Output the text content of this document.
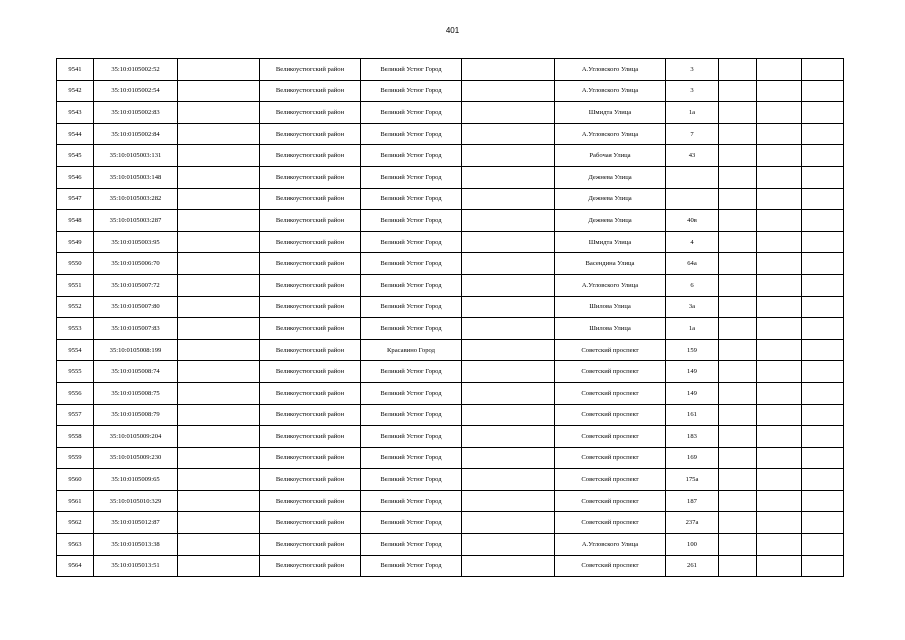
401
9541	35:10:0105002:52		Великоустюгский район	Великий Устюг Город		А.Угловского Улица	3			
9542	35:10:0105002:54		Великоустюгский район	Великий Устюг Город		А.Угловского Улица	3			
9543	35:10:0105002:83		Великоустюгский район	Великий Устюг Город		Шмидта Улица	1а			
9544	35:10:0105002:84		Великоустюгский район	Великий Устюг Город		А.Угловского Улица	7			
9545	35:10:0105003:131		Великоустюгский район	Великий Устюг Город		Рабочая Улица	43			
9546	35:10:0105003:148		Великоустюгский район	Великий Устюг Город		Дежнева Улица				
9547	35:10:0105003:282		Великоустюгский район	Великий Устюг Город		Дежнева Улица				
9548	35:10:0105003:287		Великоустюгский район	Великий Устюг Город		Дежнева Улица	40в			
9549	35:10:0105003:95		Великоустюгский район	Великий Устюг Город		Шмидта Улица	4			
9550	35:10:0105006:70		Великоустюгский район	Великий Устюг Город		Васендина Улица	64а			
9551	35:10:0105007:72		Великоустюгский район	Великий Устюг Город		А.Угловского Улица	6			
9552	35:10:0105007:80		Великоустюгский район	Великий Устюг Город		Шилова Улица	3а			
9553	35:10:0105007:83		Великоустюгский район	Великий Устюг Город		Шилова Улица	1а			
9554	35:10:0105008:199		Великоустюгский район	Красавино Город		Советский проспект	159			
9555	35:10:0105008:74		Великоустюгский район	Великий Устюг Город		Советский проспект	149			
9556	35:10:0105008:75		Великоустюгский район	Великий Устюг Город		Советский проспект	149			
9557	35:10:0105008:79		Великоустюгский район	Великий Устюг Город		Советский проспект	161			
9558	35:10:0105009:204		Великоустюгский район	Великий Устюг Город		Советский проспект	183			
9559	35:10:0105009:230		Великоустюгский район	Великий Устюг Город		Советский проспект	169			
9560	35:10:0105009:65		Великоустюгский район	Великий Устюг Город		Советский проспект	175а			
9561	35:10:0105010:329		Великоустюгский район	Великий Устюг Город		Советский проспект	187			
9562	35:10:0105012:87		Великоустюгский район	Великий Устюг Город		Советский проспект	237а			
9563	35:10:0105013:38		Великоустюгский район	Великий Устюг Город		А.Угловского Улица	100			
9564	35:10:0105013:51		Великоустюгский район	Великий Устюг Город		Советский проспект	261			
